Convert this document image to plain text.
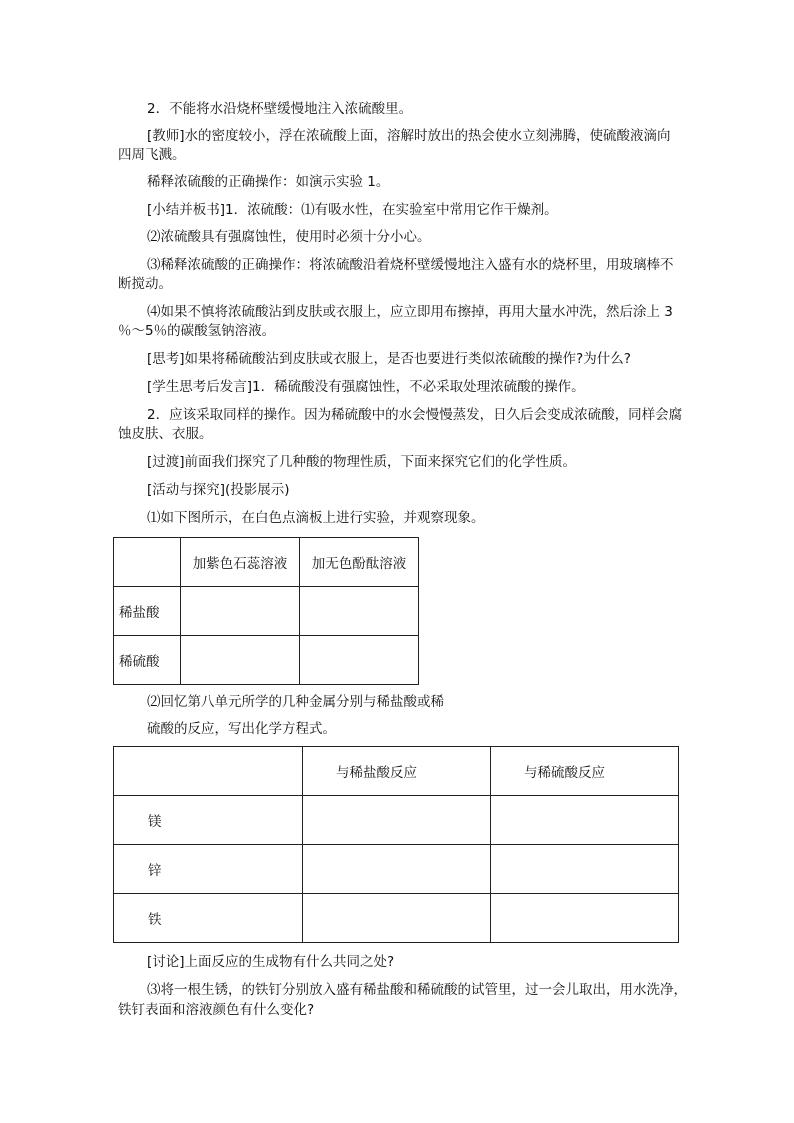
2．不能将水沿烧杯壁缓慢地注入浓硫酸里。
[教师]水的密度较小，浮在浓硫酸上面，溶解时放出的热会使水立刻沸腾，使硫酸液滴向
四周飞溅。
稀释浓硫酸的正确操作：如演示实验 1。
[小结并板书]1．浓硫酸：⑴有吸水性，在实验室中常用它作干燥剂。
⑵浓硫酸具有强腐蚀性，使用时必须十分小心。
⑶稀释浓硫酸的正确操作：将浓硫酸沿着烧杯壁缓慢地注入盛有水的烧杯里，用玻璃棒不
断搅动。
⑷如果不慎将浓硫酸沾到皮肤或衣服上，应立即用布擦掉，再用大量水冲洗，然后涂上 3
％～5％的碳酸氢钠溶液。
[思考]如果将稀硫酸沾到皮肤或衣服上，是否也要进行类似浓硫酸的操作?为什么?
[学生思考后发言]1．稀硫酸没有强腐蚀性，不必采取处理浓硫酸的操作。
2．应该采取同样的操作。因为稀硫酸中的水会慢慢蒸发，日久后会变成浓硫酸，同样会腐
蚀皮肤、衣服。
[过渡]前面我们探究了几种酸的物理性质，下面来探究它们的化学性质。
[活动与探究](投影展示)
⑴如下图所示，在白色点滴板上进行实验，并观察现象。
	加紫色石蕊溶液	加无色酚酞溶液
稀盐酸		
稀硫酸		
⑵回忆第八单元所学的几种金属分别与稀盐酸或稀
硫酸的反应，写出化学方程式。
	与稀盐酸反应	与稀硫酸反应
镁		
锌		
铁		
[讨论]上面反应的生成物有什么共同之处?
⑶将一根生锈，的铁钉分别放入盛有稀盐酸和稀硫酸的试管里，过一会儿取出，用水洗净，
铁钉表面和溶液颜色有什么变化?
